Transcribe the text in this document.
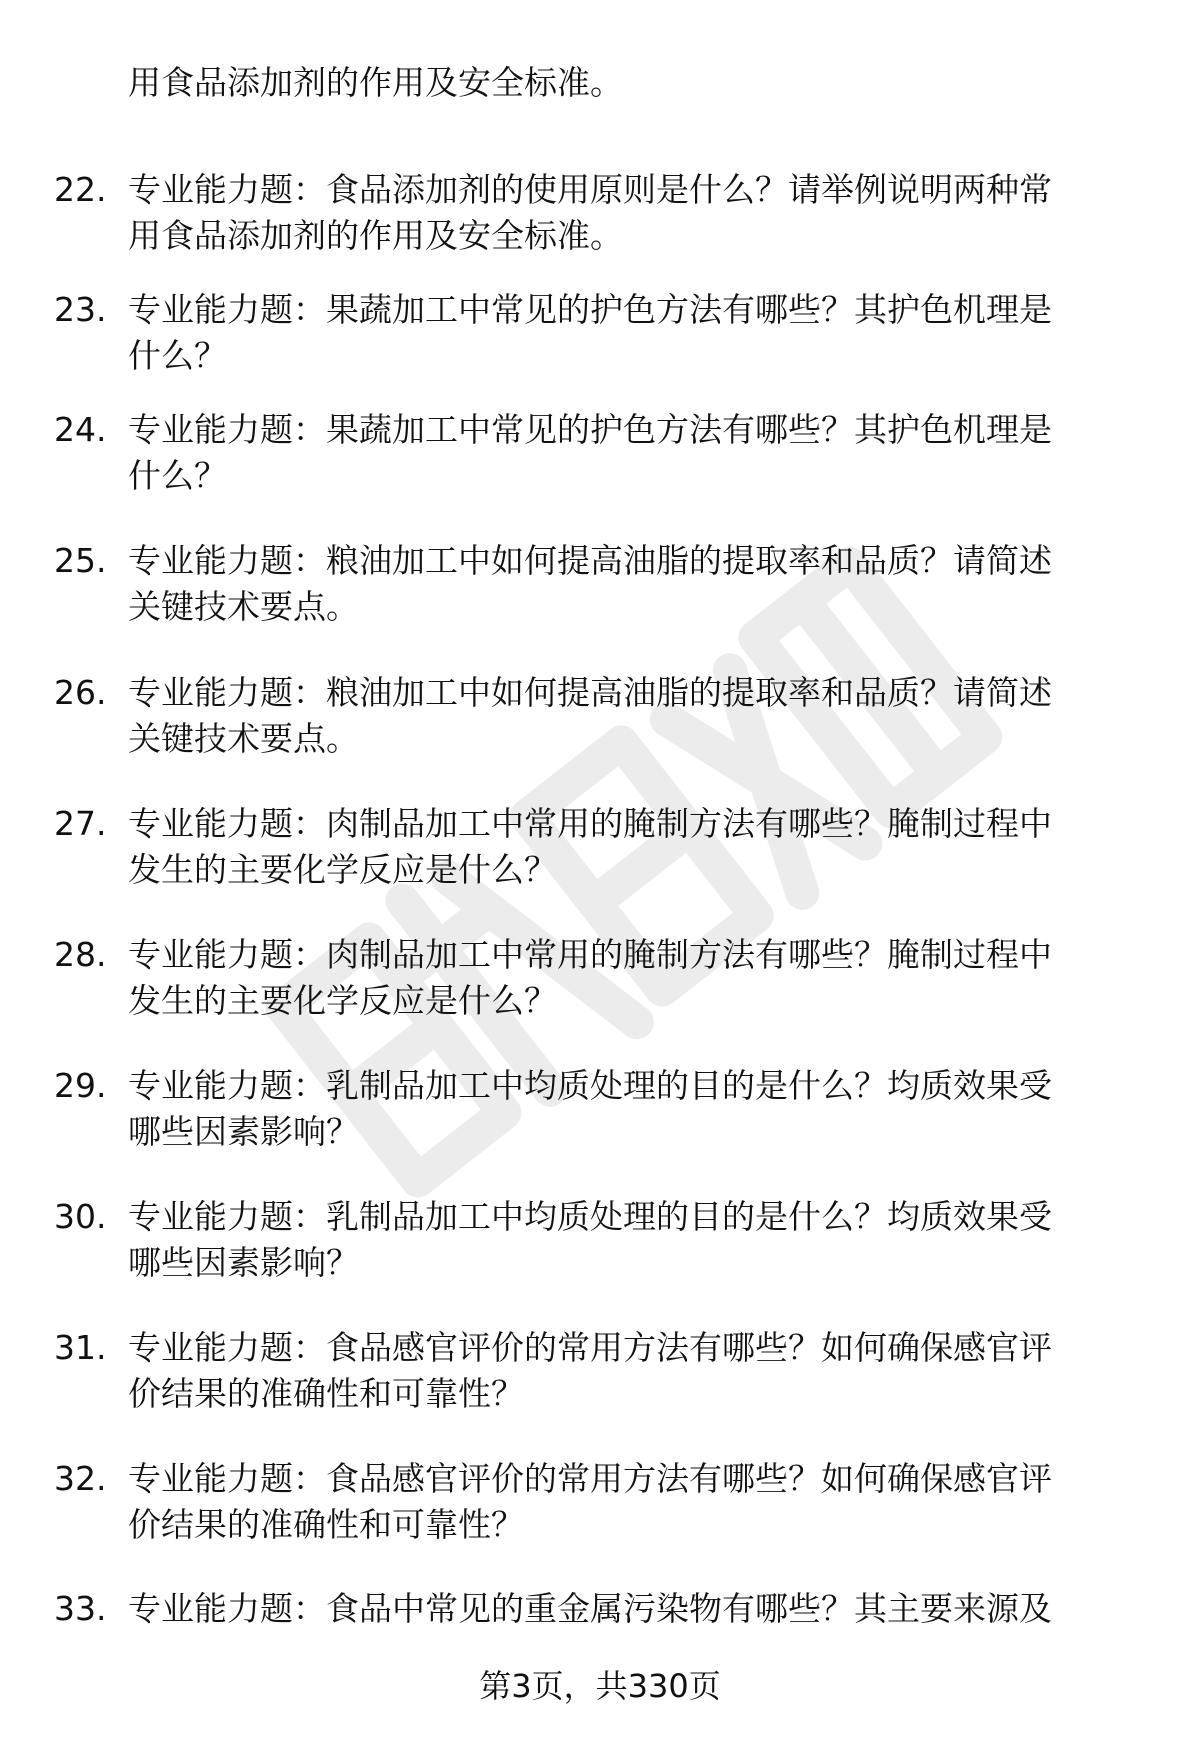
用食品添加剂的作用及安全标准。
22. 专业能力题：食品添加剂的使用原则是什么？请举例说明两种常
用食品添加剂的作用及安全标准。
23. 专业能力题：果蔬加工中常见的护色方法有哪些？其护色机理是
什么？
24. 专业能力题：果蔬加工中常见的护色方法有哪些？其护色机理是
什么？
25. 专业能力题：粮油加工中如何提高油脂的提取率和品质？请简述
关键技术要点。
26. 专业能力题：粮油加工中如何提高油脂的提取率和品质？请简述
关键技术要点。
27. 专业能力题：肉制品加工中常用的腌制方法有哪些？腌制过程中
发生的主要化学反应是什么？
28. 专业能力题：肉制品加工中常用的腌制方法有哪些？腌制过程中
发生的主要化学反应是什么？
29. 专业能力题：乳制品加工中均质处理的目的是什么？均质效果受
哪些因素影响？
30. 专业能力题：乳制品加工中均质处理的目的是什么？均质效果受
哪些因素影响？
31. 专业能力题：食品感官评价的常用方法有哪些？如何确保感官评
价结果的准确性和可靠性？
32. 专业能力题：食品感官评价的常用方法有哪些？如何确保感官评
价结果的准确性和可靠性？
33. 专业能力题：食品中常见的重金属污染物有哪些？其主要来源及
第3页，共330页
